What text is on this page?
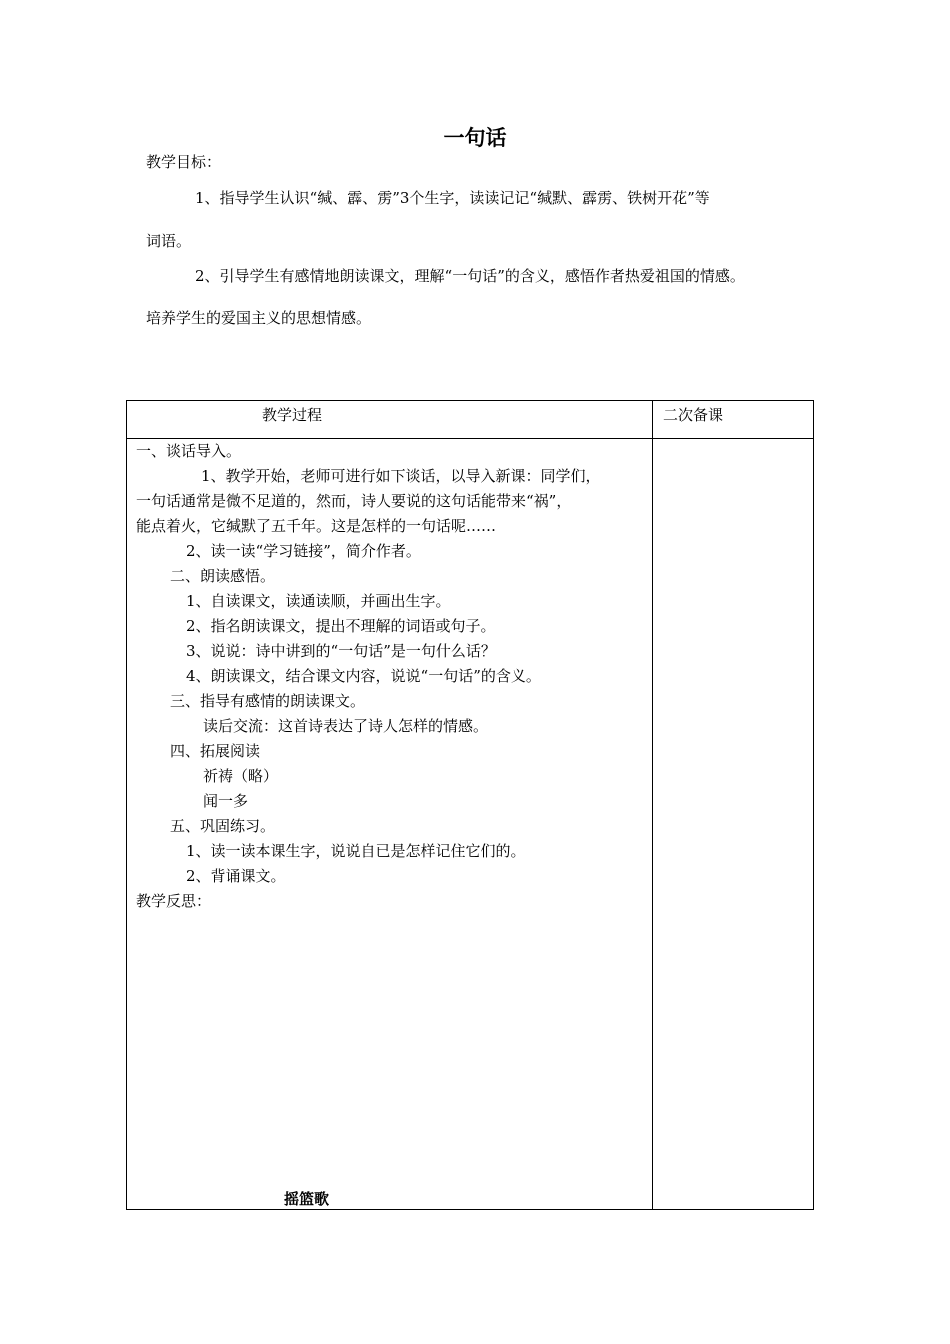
一句话
教学目标：
1、指导学生认识“缄、霹、雳”3个生字，读读记记“缄默、霹雳、铁树开花”等
词语。
2、引导学生有感情地朗读课文，理解“一句话”的含义，感悟作者热爱祖国的情感。
培养学生的爱国主义的思想情感。
教学过程	二次备课
一、谈话导入。
1、教学开始，老师可进行如下谈话，以导入新课：同学们，
一句话通常是微不足道的，然而，诗人要说的这句话能带来“祸”，
能点着火，它缄默了五千年。这是怎样的一句话呢……
2、读一读“学习链接”，简介作者。
二、朗读感悟。
1、自读课文，读通读顺，并画出生字。
2、指名朗读课文，提出不理解的词语或句子。
3、说说：诗中讲到的“一句话”是一句什么话？
4、朗读课文，结合课文内容，说说“一句话”的含义。
三、指导有感情的朗读课文。
读后交流：这首诗表达了诗人怎样的情感。
四、拓展阅读
祈祷（略）
闻一多
五、巩固练习。
1、读一读本课生字，说说自已是怎样记住它们的。
2、背诵课文。
教学反思：
摇篮歌
